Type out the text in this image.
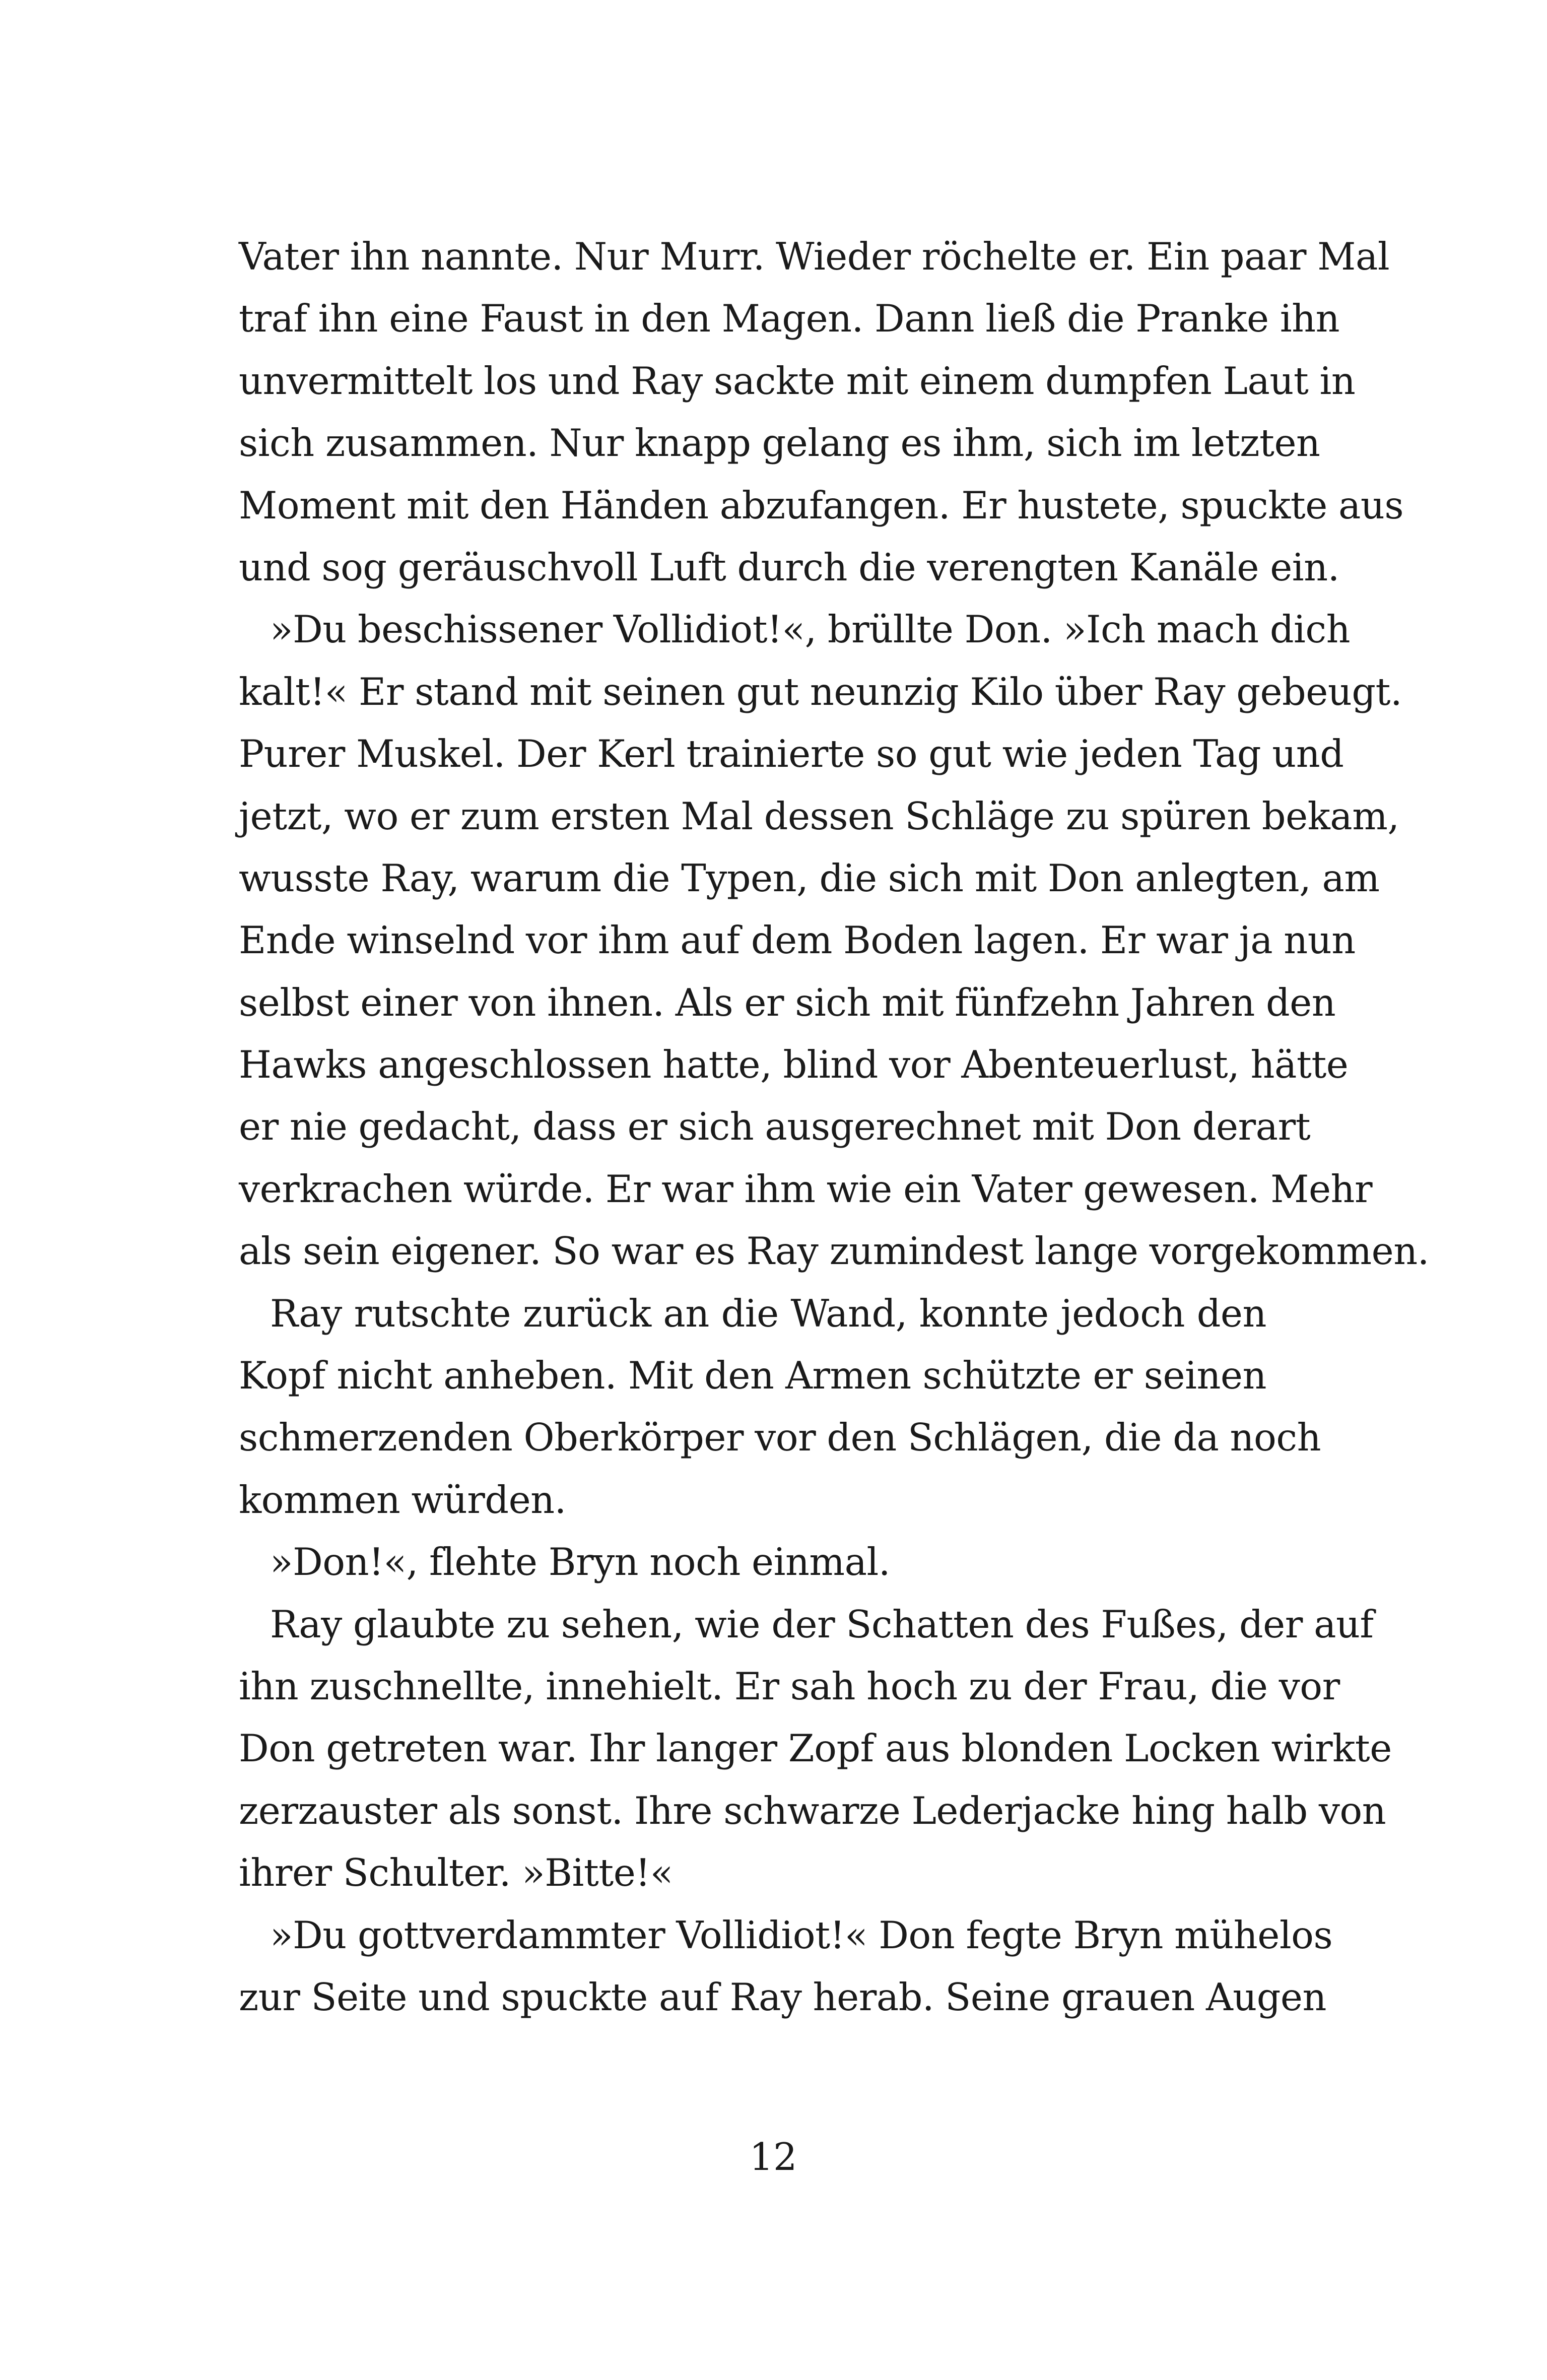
Vater ihn nannte. Nur Murr. Wieder röchelte er. Ein paar Mal
traf ihn eine Faust in den Magen. Dann ließ die Pranke ihn
unvermittelt los und Ray sackte mit einem dumpfen Laut in
sich zusammen. Nur knapp gelang es ihm, sich im letzten
Moment mit den Händen abzufangen. Er hustete, spuckte aus
und sog geräuschvoll Luft durch die verengten Kanäle ein.

»Du beschissener Vollidiot!«, brüllte Don. »Ich mach dich
kalt!« Er stand mit seinen gut neunzig Kilo über Ray gebeugt.
Purer Muskel. Der Kerl trainierte so gut wie jeden Tag und
jetzt, wo er zum ersten Mal dessen Schläge zu spüren bekam,
wusste Ray, warum die Typen, die sich mit Don anlegten, am
Ende winselnd vor ihm auf dem Boden lagen. Er war ja nun
selbst einer von ihnen. Als er sich mit fünfzehn Jahren den
Hawks angeschlossen hatte, blind vor Abenteuerlust, hätte
er nie gedacht, dass er sich ausgerechnet mit Don derart
verkrachen würde. Er war ihm wie ein Vater gewesen. Mehr
als sein eigener. So war es Ray zumindest lange vorgekommen.

Ray rutschte zurück an die Wand, konnte jedoch den
Kopf nicht anheben. Mit den Armen schützte er seinen
schmerzenden Oberkörper vor den Schlägen, die da noch
kommen würden.

»Don!«, flehte Bryn noch einmal.

Ray glaubte zu sehen, wie der Schatten des Fußes, der auf
ihn zuschnellte, innehielt. Er sah hoch zu der Frau, die vor
Don getreten war. Ihr langer Zopf aus blonden Locken wirkte
zerzauster als sonst. Ihre schwarze Lederjacke hing halb von
ihrer Schulter. »Bitte!«

»Du gottverdammter Vollidiot!« Don fegte Bryn mühelos
zur Seite und spuckte auf Ray herab. Seine grauen Augen

12
